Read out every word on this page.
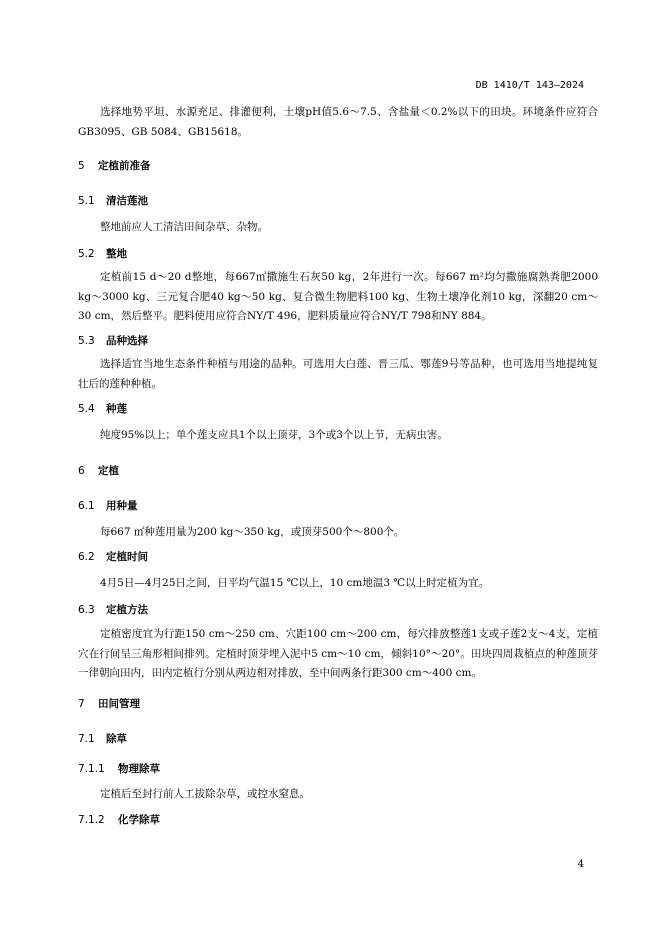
DB 1410/T 143—2024
选择地势平坦、水源充足、排灌便利，土壤pH值5.6～7.5、含盐量＜0.2%以下的田块。环境条件应符合GB3095、GB 5084、GB15618。
5 定植前准备
5.1 清洁莲池
整地前应人工清洁田间杂草、杂物。
5.2 整地
定植前15 d～20 d整地，每667㎡撒施生石灰50 kg，2年进行一次。每667 m²均匀撒施腐熟粪肥2000 kg～3000 kg、三元复合肥40 kg～50 kg、复合微生物肥料100 kg、生物土壤净化剂10 kg，深翻20 cm～30 cm，然后整平。肥料使用应符合NY/T 496，肥料质量应符合NY/T 798和NY 884。
5.3 品种选择
选择适宜当地生态条件种植与用途的品种。可选用大白莲、晋三瓜、鄂莲9号等品种，也可选用当地提纯复壮后的莲种种植。
5.4 种莲
纯度95%以上；单个莲支应具1个以上顶芽，3个或3个以上节，无病虫害。
6 定植
6.1 用种量
每667 ㎡种莲用量为200 kg～350 kg，或顶芽500个～800个。
6.2 定植时间
4月5日—4月25日之间，日平均气温15 ℃以上，10 cm地温3 ℃以上时定植为宜。
6.3 定植方法
定植密度宜为行距150 cm～250 cm、穴距100 cm～200 cm，每穴排放整莲1支或子莲2支～4支，定植穴在行间呈三角形相间排列。定植时顶芽埋入泥中5 cm～10 cm，倾斜10°～20°。田块四周栽植点的种莲顶芽一律朝向田内，田内定植行分别从两边相对排放，至中间两条行距300 cm～400 cm。
7 田间管理
7.1 除草
7.1.1 物理除草
定植后至封行前人工拔除杂草，或控水窒息。
7.1.2 化学除草
4
